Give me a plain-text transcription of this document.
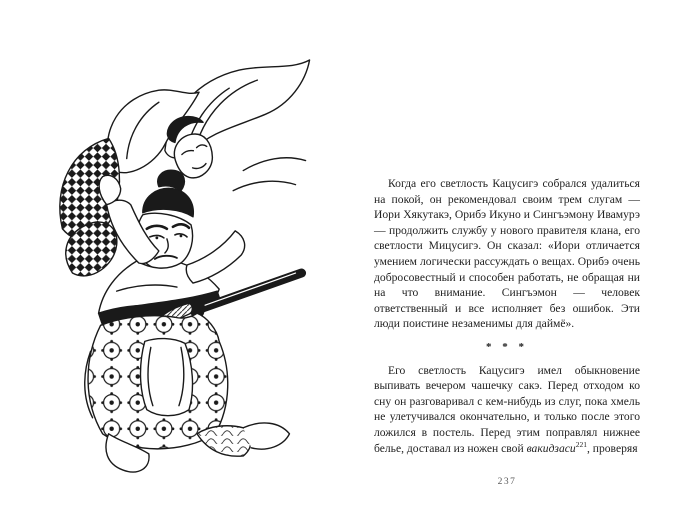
Когда его светлость Кацусигэ собрался удалиться на покой, он рекомендовал своим трем слугам — Иори Хякутакэ, Орибэ Икуно и Сингъэмону Ивамурэ — продолжить службу у нового правителя клана, его светлости Мицусигэ. Он сказал: «Иори отличается умением логически рассуждать о вещах. Орибэ очень добросовестный и способен работать, не обращая ни на что внимание. Сингъэмон — человек ответственный и все исполняет без ошибок. Эти люди поистине незаменимы для даймё».

* * *

Его светлость Кацусигэ имел обыкновение выпивать вечером чашечку сакэ. Перед отходом ко сну он разговаривал с кем-нибудь из слуг, пока хмель не улетучивался окончательно, и только после этого ложился в постель. Перед этим поправлял нижнее белье, доставал из ножен свой вакидзаси$^{221}$, проверяя

237
